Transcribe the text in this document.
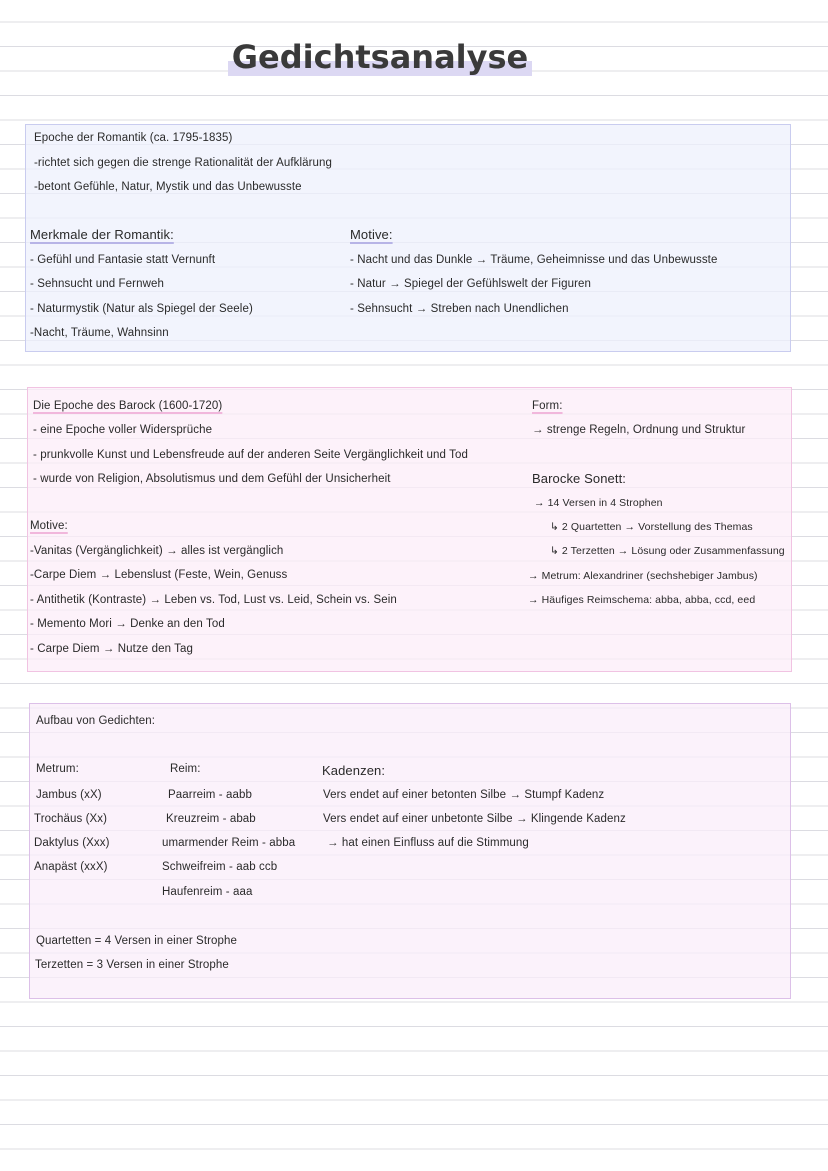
Gedichtsanalyse
Epoche der Romantik (ca. 1795-1835)
-richtet sich gegen die strenge Rationalität der Aufklärung
-betont Gefühle, Natur, Mystik und das Unbewusste
Merkmale der Romantik:
- Gefühl und Fantasie statt Vernunft
- Sehnsucht und Fernweh
- Naturmystik (Natur als Spiegel der Seele)
-Nacht, Träume, Wahnsinn
Motive:
- Nacht und das Dunkle → Träume, Geheimnisse und das Unbewusste
- Natur → Spiegel der Gefühlswelt der Figuren
- Sehnsucht → Streben nach Unendlichen
Die Epoche des Barock (1600-1720)
- eine Epoche voller Widersprüche
- prunkvolle Kunst und Lebensfreude auf der anderen Seite Vergänglichkeit und Tod
- wurde von Religion, Absolutismus und dem Gefühl der Unsicherheit
Motive:
-Vanitas (Vergänglichkeit) → alles ist vergänglich
-Carpe Diem → Lebenslust (Feste, Wein, Genuss
- Antithetik (Kontraste) → Leben vs. Tod, Lust vs. Leid, Schein vs. Sein
- Memento Mori → Denke an den Tod
- Carpe Diem → Nutze den Tag
Form:
→ strenge Regeln, Ordnung und Struktur
Barocke Sonett:
→ 14 Versen in 4 Strophen
↳ 2 Quartetten → Vorstellung des Themas
↳ 2 Terzetten → Lösung oder Zusammenfassung
→ Metrum: Alexandriner (sechshebiger Jambus)
→ Häufiges Reimschema: abba, abba, ccd, eed
Aufbau von Gedichten:
Metrum:
Jambus (xX)
Trochäus (Xx)
Daktylus (Xxx)
Anapäst (xxX)
Reim:
Paarreim - aabb
Kreuzreim - abab
umarmender Reim - abba
Schweifreim - aab ccb
Haufenreim - aaa
Kadenzen:
Vers endet auf einer betonten Silbe → Stumpf Kadenz
Vers endet auf einer unbetonte Silbe → Klingende Kadenz
→ hat einen Einfluss auf die Stimmung
Quartetten = 4 Versen in einer Strophe
Terzetten = 3 Versen in einer Strophe
